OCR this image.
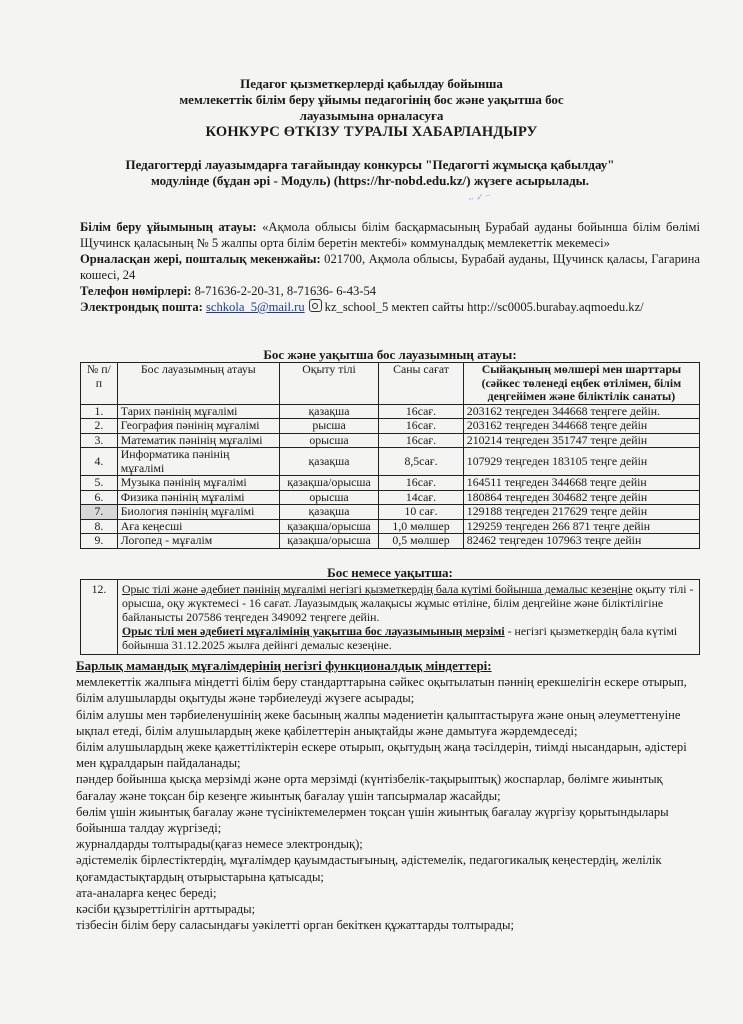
Педагог қызметкерлерді қабылдау бойынша
мемлекеттік білім беру ұйымы педагогінің бос және уақытша бос
лауазымына орналасуға
КОНКУРС ӨТКІЗУ ТУРАЛЫ ХАБАРЛАНДЫРУ
~ ✓ ~
Педагогтерді лауазымдарға тағайындау конкурсы "Педагогті жұмысқа қабылдау" модулінде (бұдан әрі - Модуль) (https://hr-nobd.edu.kz/) жүзеге асырылады.

Білім беру ұйымының атауы: «Ақмола облысы білім басқармасының Бурабай ауданы бойынша білім бөлімі Щучинск қаласының № 5 жалпы орта білім беретін мектебі» коммуналдық мемлекеттік мекемесі»

Орналасқан жері, пошталық мекенжайы: 021700, Ақмола облысы, Бурабай ауданы, Щучинск қаласы, Гагарина кошесі, 24

Телефон нөмірлері: 8-71636-2-20-31, 8-71636- 6-43-54

Электрондық пошта: schkola_5@mail.ru kz_school_5 мектеп сайты http://sc0005.burabay.aqmoedu.kz/

Бос және уақытша бос лауазымның атауы:
№ п/п	Бос лауазымның атауы	Оқыту тілі	Саны сағат	Сыйақының мөлшері мен шарттары (сәйкес төленеді еңбек өтілімен, білім деңгейімен және біліктілік санаты)
1.	Тарих пәнінің мұғалімі	қазақша	16сағ.	203162 теңгеден 344668 теңгеге дейін.
2.	География пәнінің мұғалімі	рысша	16сағ.	203162 теңгеден 344668 теңге дейін
3.	Математик пәнінің мұғалімі	орысша	16сағ.	210214 теңгеден 351747 теңге дейін
4.	Информатика пәнінің мұғалімі	қазақша	8,5сағ.	107929 теңгеден 183105 теңге дейін
5.	Музыка пәнінің мұғалімі	қазақша/орысша	16сағ.	164511 теңгеден 344668 теңге дейін
6.	Физика пәнінің мұғалімі	орысша	14сағ.	180864 теңгеден 304682 теңге дейін
7.	Биология пәнінің мұғалімі	қазақша	10 сағ.	129188 теңгеден 217629 теңге дейін
8.	Аға кеңесші	қазақша/орысша	1,0 мөлшер	129259 теңгеден 266 871 теңге дейін
9.	Логопед - мұғалім	қазақша/орысша	0,5 мөлшер	82462 теңгеден 107963 теңге дейін
Бос немесе уақытша:
12.	Орыс тілі және әдебиет пәнінің мұғалімі негізгі қызметкердің бала күтімі бойынша демалыс кезеңіне оқыту тілі - орысша, оқу жүктемесі - 16 сағат. Лауазымдық жалақысы жұмыс өтіліне, білім деңгейіне және біліктілігіне байланысты 207586 теңгеден 349092 теңгеге дейін.
Орыс тілі мен әдебиеті мұғалімінің уақытша бос лауазымының мерзімі - негізгі қызметкердің бала күтімі бойынша 31.12.2025 жылға дейінгі демалыс кезеңіне.

Барлық мамандық мұғалімдерінің негізгі функционалдық міндеттері:

мемлекеттік жалпыға міндетті білім беру стандарттарына сәйкес оқытылатын пәннің ерекшелігін ескере отырып, білім алушыларды оқытуды және тәрбиелеуді жүзеге асырады;

білім алушы мен тәрбиеленушінің жеке басының жалпы мәдениетін қалыптастыруға және оның әлеуметтенуіне ықпал етеді, білім алушылардың жеке қабілеттерін анықтайды және дамытуға жәрдемдеседі;

білім алушылардың жеке қажеттіліктерін ескере отырып, оқытудың жаңа тәсілдерін, тиімді нысандарын, әдістері мен құралдарын пайдаланады;

пәндер бойынша қысқа мерзімді және орта мерзімді (күнтізбелік-тақырыптық) жоспарлар, бөлімге жиынтық бағалау және тоқсан бір кезеңге жиынтық бағалау үшін тапсырмалар жасайды;

бөлім үшін жиынтық бағалау және түсініктемелермен тоқсан үшін жиынтық бағалау жүргізу қорытындылары бойынша талдау жүргізеді;

журналдарды толтырады(қағаз немесе электрондық);

әдістемелік бірлестіктердің, мұғалімдер қауымдастығының, әдістемелік, педагогикалық кеңестердің, желілік қоғамдастықтардың отырыстарына қатысады;

ата-аналарға кеңес береді;

кәсіби құзыреттілігін арттырады;

тізбесін білім беру саласындағы уәкілетті орган бекіткен құжаттарды толтырады;
